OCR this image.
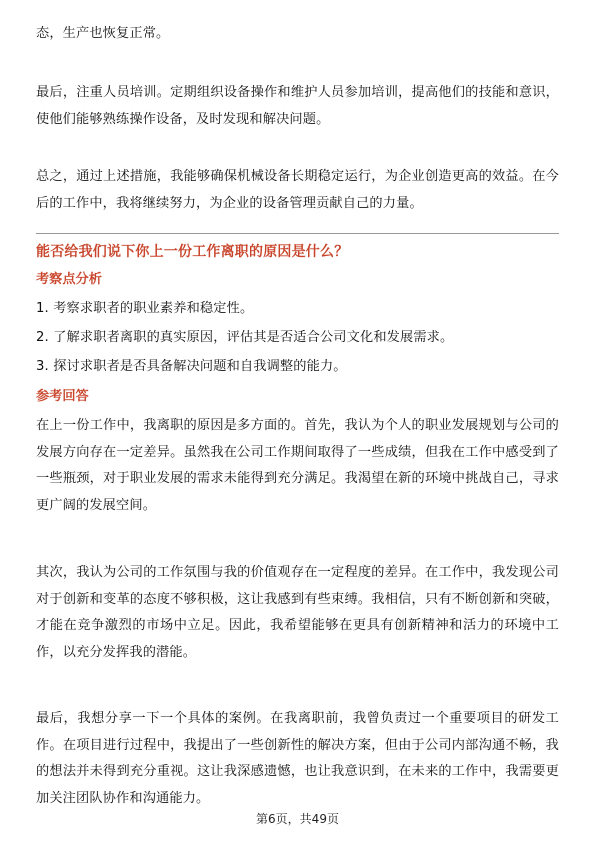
态，生产也恢复正常。

最后，注重人员培训。定期组织设备操作和维护人员参加培训，提高他们的技能和意识，使他们能够熟练操作设备，及时发现和解决问题。

总之，通过上述措施，我能够确保机械设备长期稳定运行，为企业创造更高的效益。在今后的工作中，我将继续努力，为企业的设备管理贡献自己的力量。

能否给我们说下你上一份工作离职的原因是什么？
考察点分析
1. 考察求职者的职业素养和稳定性。
2. 了解求职者离职的真实原因，评估其是否适合公司文化和发展需求。
3. 探讨求职者是否具备解决问题和自我调整的能力。
参考回答

在上一份工作中，我离职的原因是多方面的。首先，我认为个人的职业发展规划与公司的发展方向存在一定差异。虽然我在公司工作期间取得了一些成绩，但我在工作中感受到了一些瓶颈，对于职业发展的需求未能得到充分满足。我渴望在新的环境中挑战自己，寻求更广阔的发展空间。

其次，我认为公司的工作氛围与我的价值观存在一定程度的差异。在工作中，我发现公司对于创新和变革的态度不够积极，这让我感到有些束缚。我相信，只有不断创新和突破，才能在竞争激烈的市场中立足。因此，我希望能够在更具有创新精神和活力的环境中工作，以充分发挥我的潜能。

最后，我想分享一下一个具体的案例。在我离职前，我曾负责过一个重要项目的研发工作。在项目进行过程中，我提出了一些创新性的解决方案，但由于公司内部沟通不畅，我的想法并未得到充分重视。这让我深感遗憾，也让我意识到，在未来的工作中，我需要更加关注团队协作和沟通能力。

第6页，共49页
